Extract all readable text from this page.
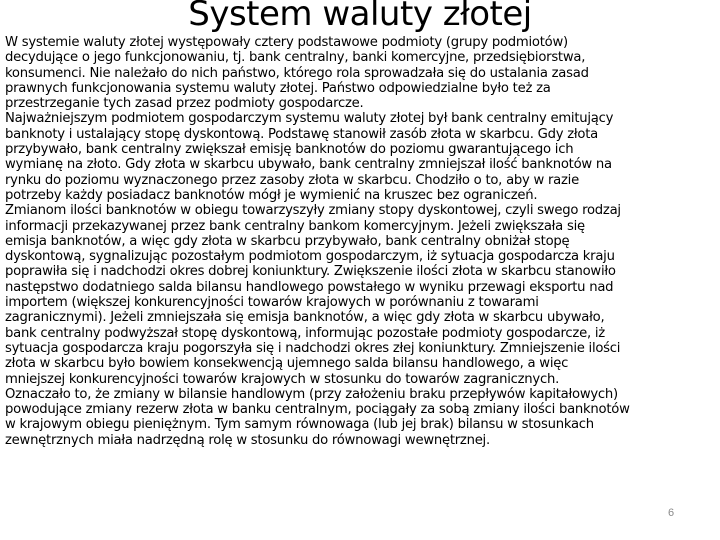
System waluty złotej
W systemie waluty złotej występowały cztery podstawowe podmioty (grupy podmiotów)
decydujące o jego funkcjonowaniu, tj. bank centralny, banki komercyjne, przedsiębiorstwa,
konsumenci. Nie należało do nich państwo, którego rola sprowadzała się do ustalania zasad
prawnych funkcjonowania systemu waluty złotej. Państwo odpowiedzialne było też za
przestrzeganie tych zasad przez podmioty gospodarcze.
Najważniejszym podmiotem gospodarczym systemu waluty złotej był bank centralny emitujący
banknoty i ustalający stopę dyskontową. Podstawę stanowił zasób złota w skarbcu. Gdy złota
przybywało, bank centralny zwiększał emisję banknotów do poziomu gwarantującego ich
wymianę na złoto. Gdy złota w skarbcu ubywało, bank centralny zmniejszał ilość banknotów na
rynku do poziomu wyznaczonego przez zasoby złota w skarbcu. Chodziło o to, aby w razie
potrzeby każdy posiadacz banknotów mógł je wymienić na kruszec bez ograniczeń.
Zmianom ilości banknotów w obiegu towarzyszyły zmiany stopy dyskontowej, czyli swego rodzaj
informacji przekazywanej przez bank centralny bankom komercyjnym. Jeżeli zwiększała się
emisja banknotów, a więc gdy złota w skarbcu przybywało, bank centralny obniżał stopę
dyskontową, sygnalizując pozostałym podmiotom gospodarczym, iż sytuacja gospodarcza kraju
poprawiła się i nadchodzi okres dobrej koniunktury. Zwiększenie ilości złota w skarbcu stanowiło
następstwo dodatniego salda bilansu handlowego powstałego w wyniku przewagi eksportu nad
importem (większej konkurencyjności towarów krajowych w porównaniu z towarami
zagranicznymi). Jeżeli zmniejszała się emisja banknotów, a więc gdy złota w skarbcu ubywało,
bank centralny podwyższał stopę dyskontową, informując pozostałe podmioty gospodarcze, iż
sytuacja gospodarcza kraju pogorszyła się i nadchodzi okres złej koniunktury. Zmniejszenie ilości
złota w skarbcu było bowiem konsekwencją ujemnego salda bilansu handlowego, a więc
mniejszej konkurencyjności towarów krajowych w stosunku do towarów zagranicznych.
Oznaczało to, że zmiany w bilansie handlowym (przy założeniu braku przepływów kapitałowych)
powodujące zmiany rezerw złota w banku centralnym, pociągały za sobą zmiany ilości banknotów
w krajowym obiegu pieniężnym. Tym samym równowaga (lub jej brak) bilansu w stosunkach
zewnętrznych miała nadrzędną rolę w stosunku do równowagi wewnętrznej.
6
